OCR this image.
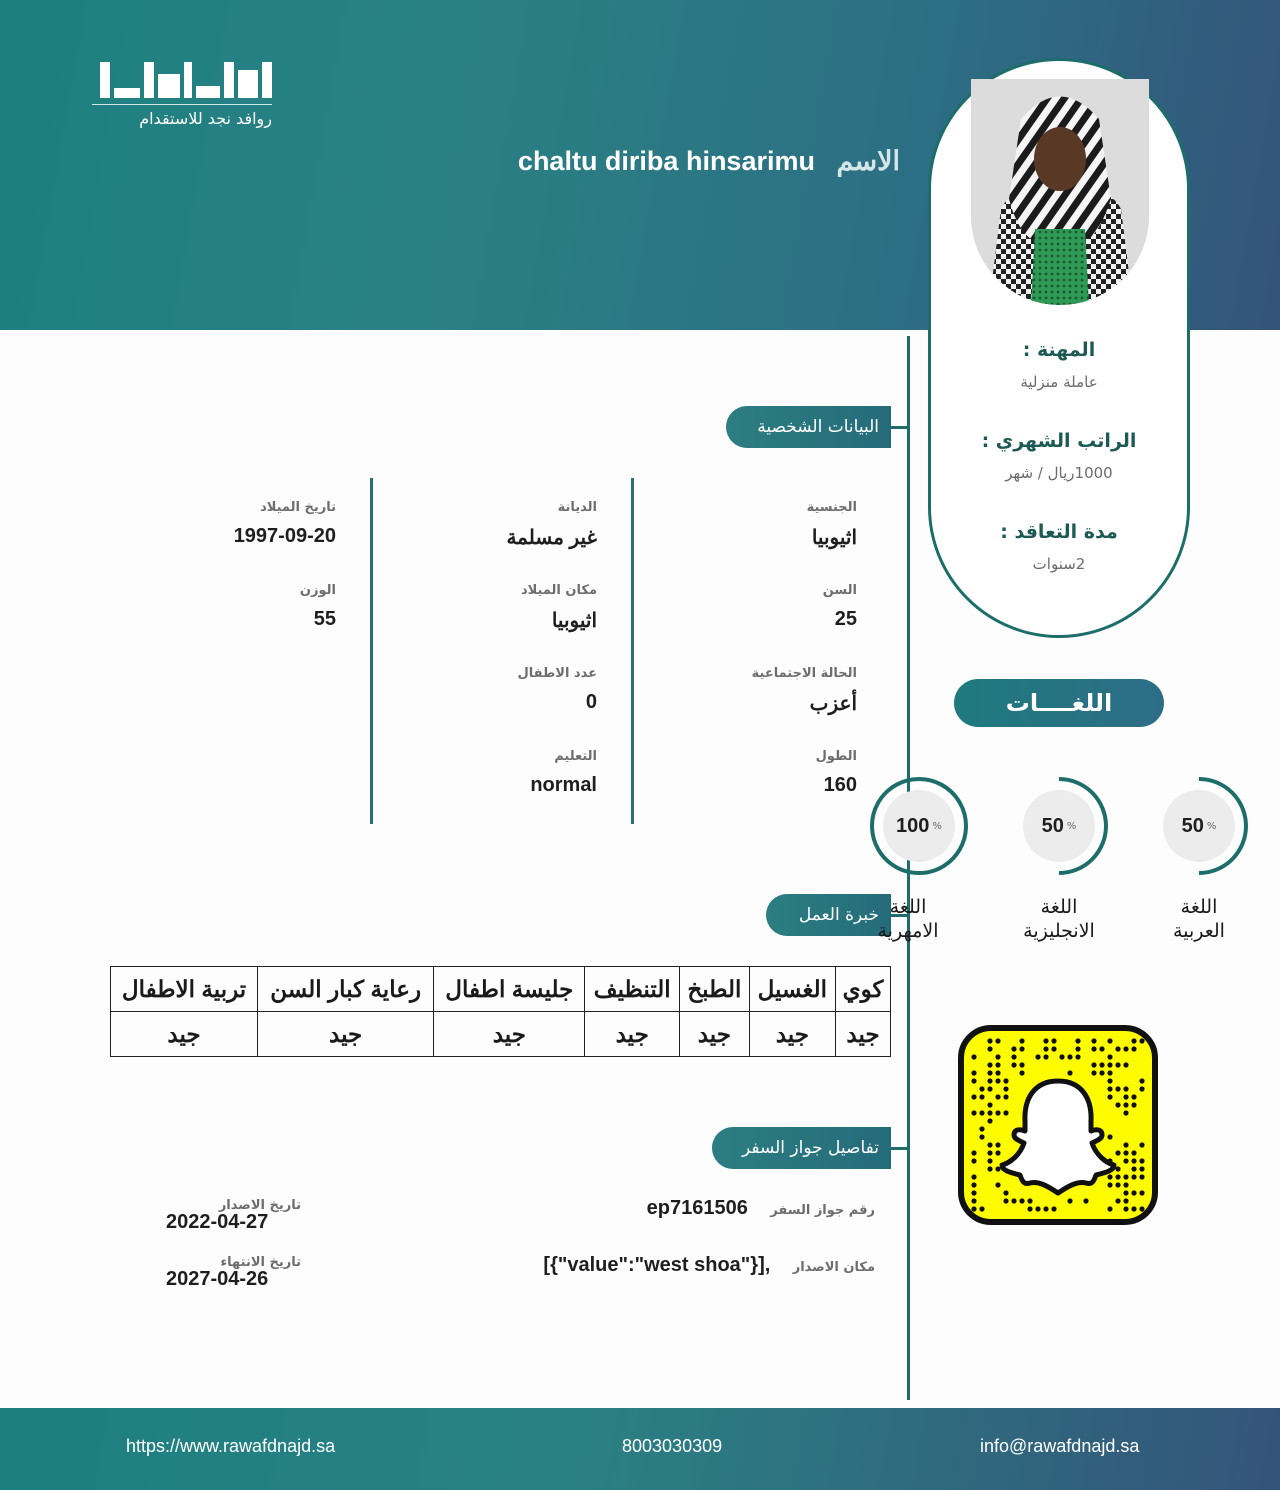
روافد نجد للاستقدام
الاسم chaltu diriba hinsarimu
المهنة :
عاملة منزلية
الراتب الشهري :
1000ريال / شهر
مدة التعاقد :
2سنوات
البيانات الشخصية
خبرة العمل
تفاصيل جواز السفر
الجنسية
اثيوبيا
السن
25
الحالة الاجتماعية
أعزب
الطول
160
الديانة
غير مسلمة
مكان الميلاد
اثيوبيا
عدد الاطفال
0
التعليم
normal
تاريخ الميلاد
1997-09-20
الوزن
55
اللغــــات
50 %
اللغة
العربية
50 %
اللغة
الانجليزية
100 %
اللغة
الامهرية
كوي	الغسيل	الطبخ	التنظيف	جليسة اطفال	رعاية كبار السن	تربية الاطفال
جيد	جيد	جيد	جيد	جيد	جيد	جيد
رقم جواز السفر ep7161506
مكان الاصدار [{"value":"west shoa"}],
تاريخ الاصدار
2022-04-27
تاريخ الانتهاء
2027-04-26
https://www.rawafdnajd.sa	8003030309	info@rawafdnajd.sa
